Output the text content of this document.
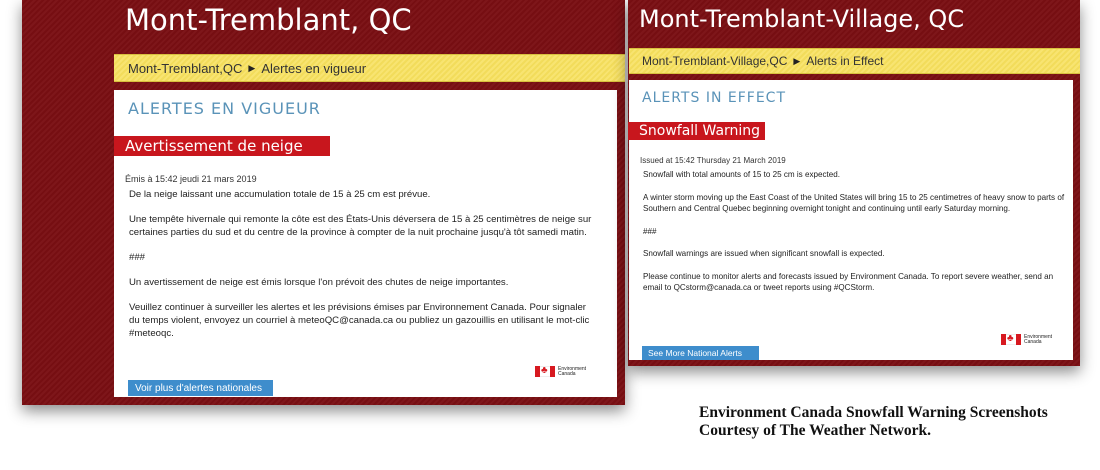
Mont-Tremblant, QC
Mont-Tremblant,QC ▶ Alertes en vigueur
ALERTES EN VIGUEUR
Émis à 15:42 jeudi 21 mars 2019

De la neige laissant une accumulation totale de 15 à 25 cm est prévue.

Une tempête hivernale qui remonte la côte est des États-Unis déversera de 15 à 25 centimètres de neige sur certaines parties du sud et du centre de la province à compter de la nuit prochaine jusqu'à tôt samedi matin.

###

Un avertissement de neige est émis lorsque l'on prévoit des chutes de neige importantes.

Veuillez continuer à surveiller les alertes et les prévisions émises par Environnement Canada. Pour signaler du temps violent, envoyez un courriel à meteoQC@canada.ca ou publiez un gazouillis en utilisant le mot-clic #meteoqc.

♣
Environment
Canada
Voir plus d'alertes nationales
Avertissement de neige
Mont-Tremblant-Village, QC
Mont-Tremblant-Village,QC ▶ Alerts in Effect
ALERTS IN EFFECT
Issued at 15:42 Thursday 21 March 2019

Snowfall with total amounts of 15 to 25 cm is expected.

A winter storm moving up the East Coast of the United States will bring 15 to 25 centimetres of heavy snow to parts of Southern and Central Quebec beginning overnight tonight and continuing until early Saturday morning.

###

Snowfall warnings are issued when significant snowfall is expected.

Please continue to monitor alerts and forecasts issued by Environment Canada. To report severe weather, send an email to QCstorm@canada.ca or tweet reports using #QCStorm.

♣
Environment
Canada
See More National Alerts
Snowfall Warning
Environment Canada Snowfall Warning Screenshots
Courtesy of The Weather Network.
